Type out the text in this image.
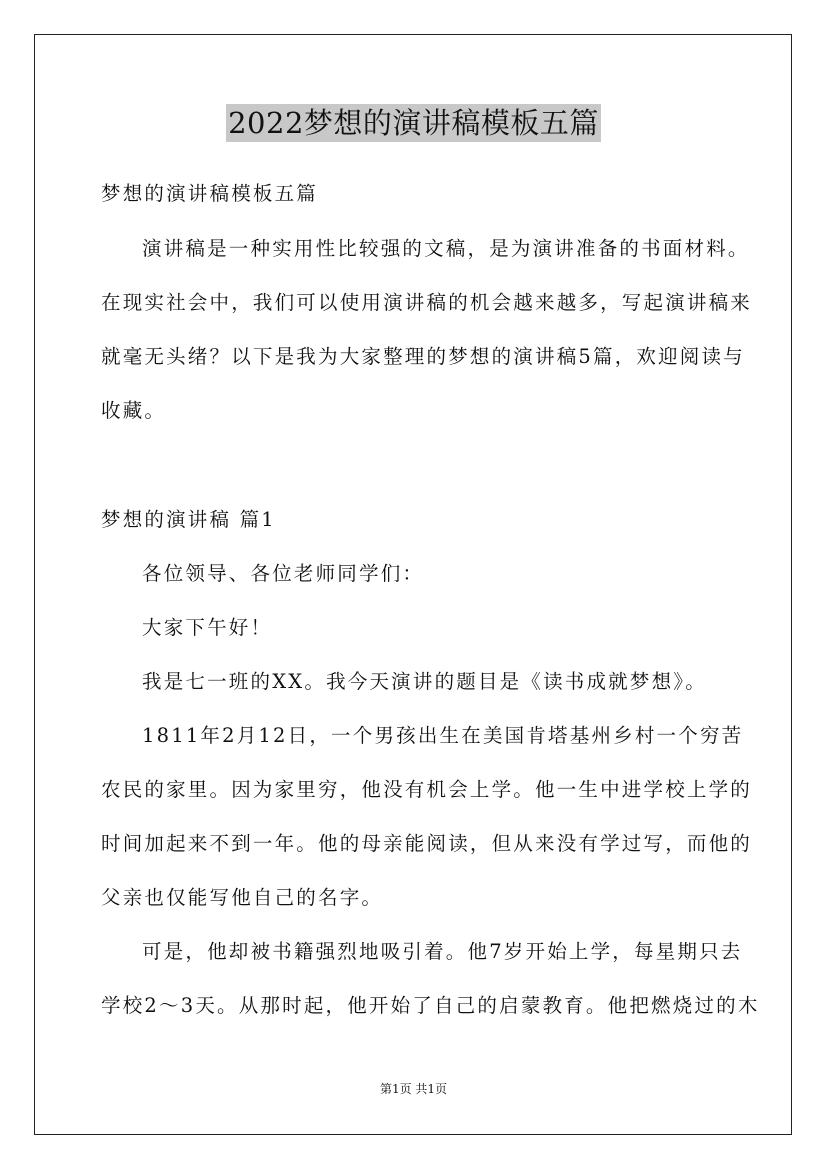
2022梦想的演讲稿模板五篇
梦想的演讲稿模板五篇
演讲稿是一种实用性比较强的文稿，是为演讲准备的书面材料。
在现实社会中，我们可以使用演讲稿的机会越来越多，写起演讲稿来
就毫无头绪？以下是我为大家整理的梦想的演讲稿5篇，欢迎阅读与
收藏。
梦想的演讲稿 篇1
各位领导、各位老师同学们：
大家下午好！
我是七一班的XX。我今天演讲的题目是《读书成就梦想》。
1811年2月12日，一个男孩出生在美国肯塔基州乡村一个穷苦
农民的家里。因为家里穷，他没有机会上学。他一生中进学校上学的
时间加起来不到一年。他的母亲能阅读，但从来没有学过写，而他的
父亲也仅能写他自己的名字。
可是，他却被书籍强烈地吸引着。他7岁开始上学，每星期只去
学校2～3天。从那时起，他开始了自己的启蒙教育。他把燃烧过的木
第1页 共1页
